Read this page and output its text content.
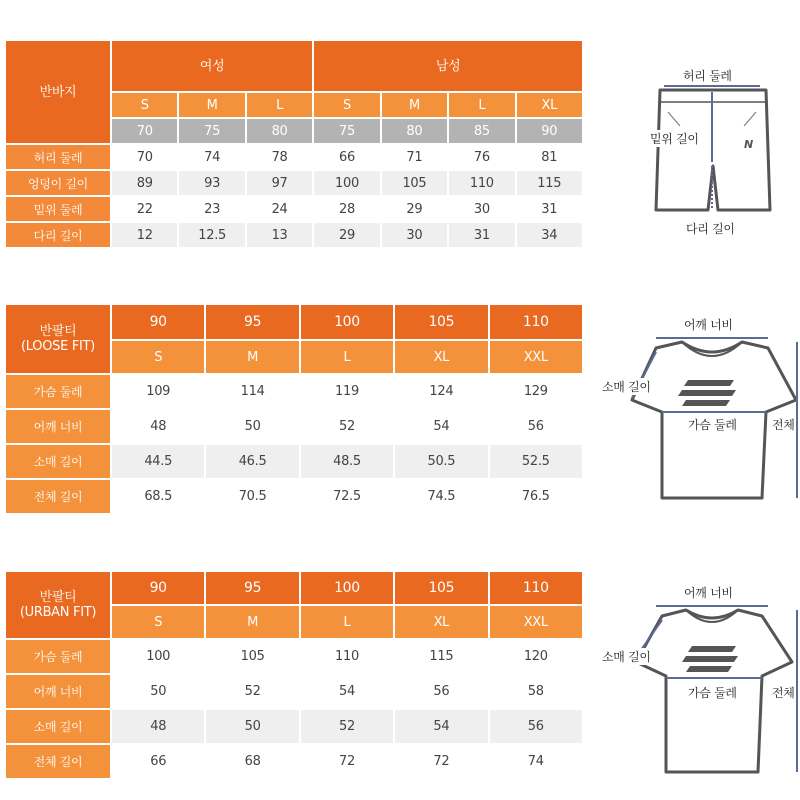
반바지	여성			남성			
	S	M	L	S	M	L	XL
	70	75	80	75	80	85	90
허리 둘레	70	74	78	66	71	76	81
엉덩이 길이	89	93	97	100	105	110	115
밑위 둘레	22	23	24	28	29	30	31
다리 길이	12	12.5	13	29	30	31	34
허리 둘레
N
밑위 길이
다리 길이
반팔티
(LOOSE FIT)	90	95	100	105	110
	S	M	L	XL	XXL
가슴 둘레	109	114	119	124	129
어깨 너비	48	50	52	54	56
소매 길이	44.5	46.5	48.5	50.5	52.5
전체 길이	68.5	70.5	72.5	74.5	76.5
어깨 너비
소매 길이
가슴 둘레	전체
반팔티
(URBAN FIT)	90	95	100	105	110
	S	M	L	XL	XXL
가슴 둘레	100	105	110	115	120
어깨 너비	50	52	54	56	58
소매 길이	48	50	52	54	56
전체 길이	66	68	72	72	74
어깨 너비
소매 길이
가슴 둘레	전체
